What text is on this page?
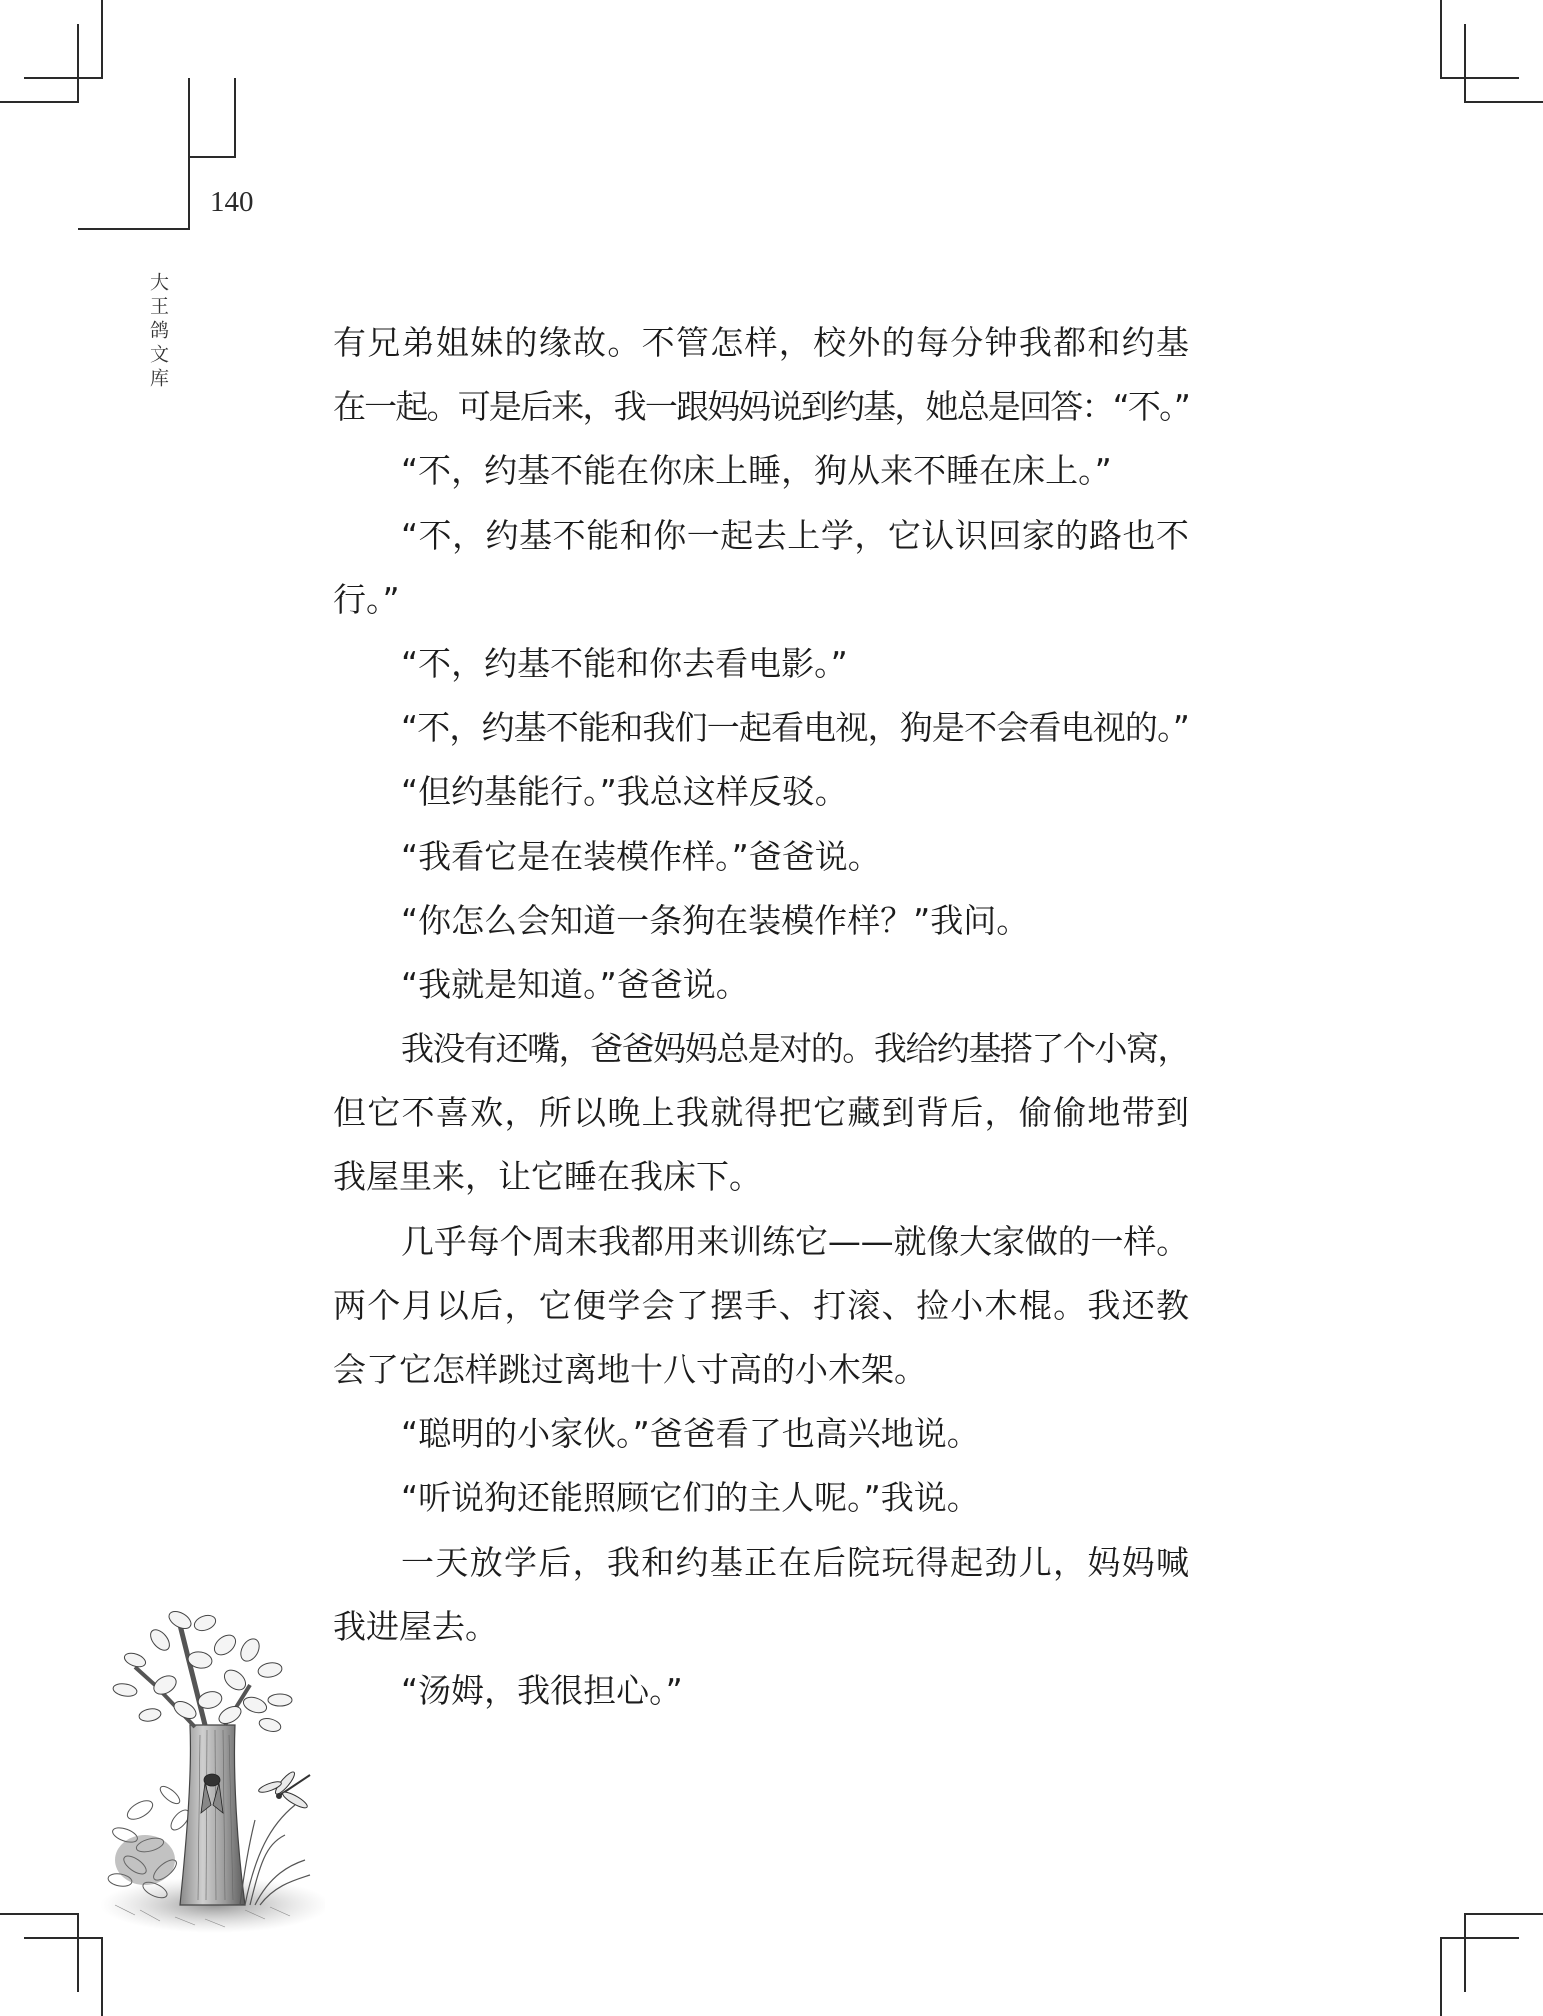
140
大王鸽文库	有兄弟姐妹的缘故。不管怎样，校外的每分钟我都和约基
在一起。可是后来，我一跟妈妈说到约基，她总是回答：“不。”
“不，约基不能在你床上睡，狗从来不睡在床上。”
“不，约基不能和你一起去上学，它认识回家的路也不
行。”
“不，约基不能和你去看电影。”
“不，约基不能和我们一起看电视，狗是不会看电视的。”
“但约基能行。”我总这样反驳。
“我看它是在装模作样。”爸爸说。
“你怎么会知道一条狗在装模作样？”我问。
“我就是知道。”爸爸说。
我没有还嘴，爸爸妈妈总是对的。我给约基搭了个小窝，
但它不喜欢，所以晚上我就得把它藏到背后，偷偷地带到
我屋里来，让它睡在我床下。
几乎每个周末我都用来训练它——就像大家做的一样。
两个月以后，它便学会了摆手、打滚、捡小木棍。我还教
会了它怎样跳过离地十八寸高的小木架。
“聪明的小家伙。”爸爸看了也高兴地说。
“听说狗还能照顾它们的主人呢。”我说。
一天放学后，我和约基正在后院玩得起劲儿，妈妈喊
我进屋去。
“汤姆，我很担心。”
